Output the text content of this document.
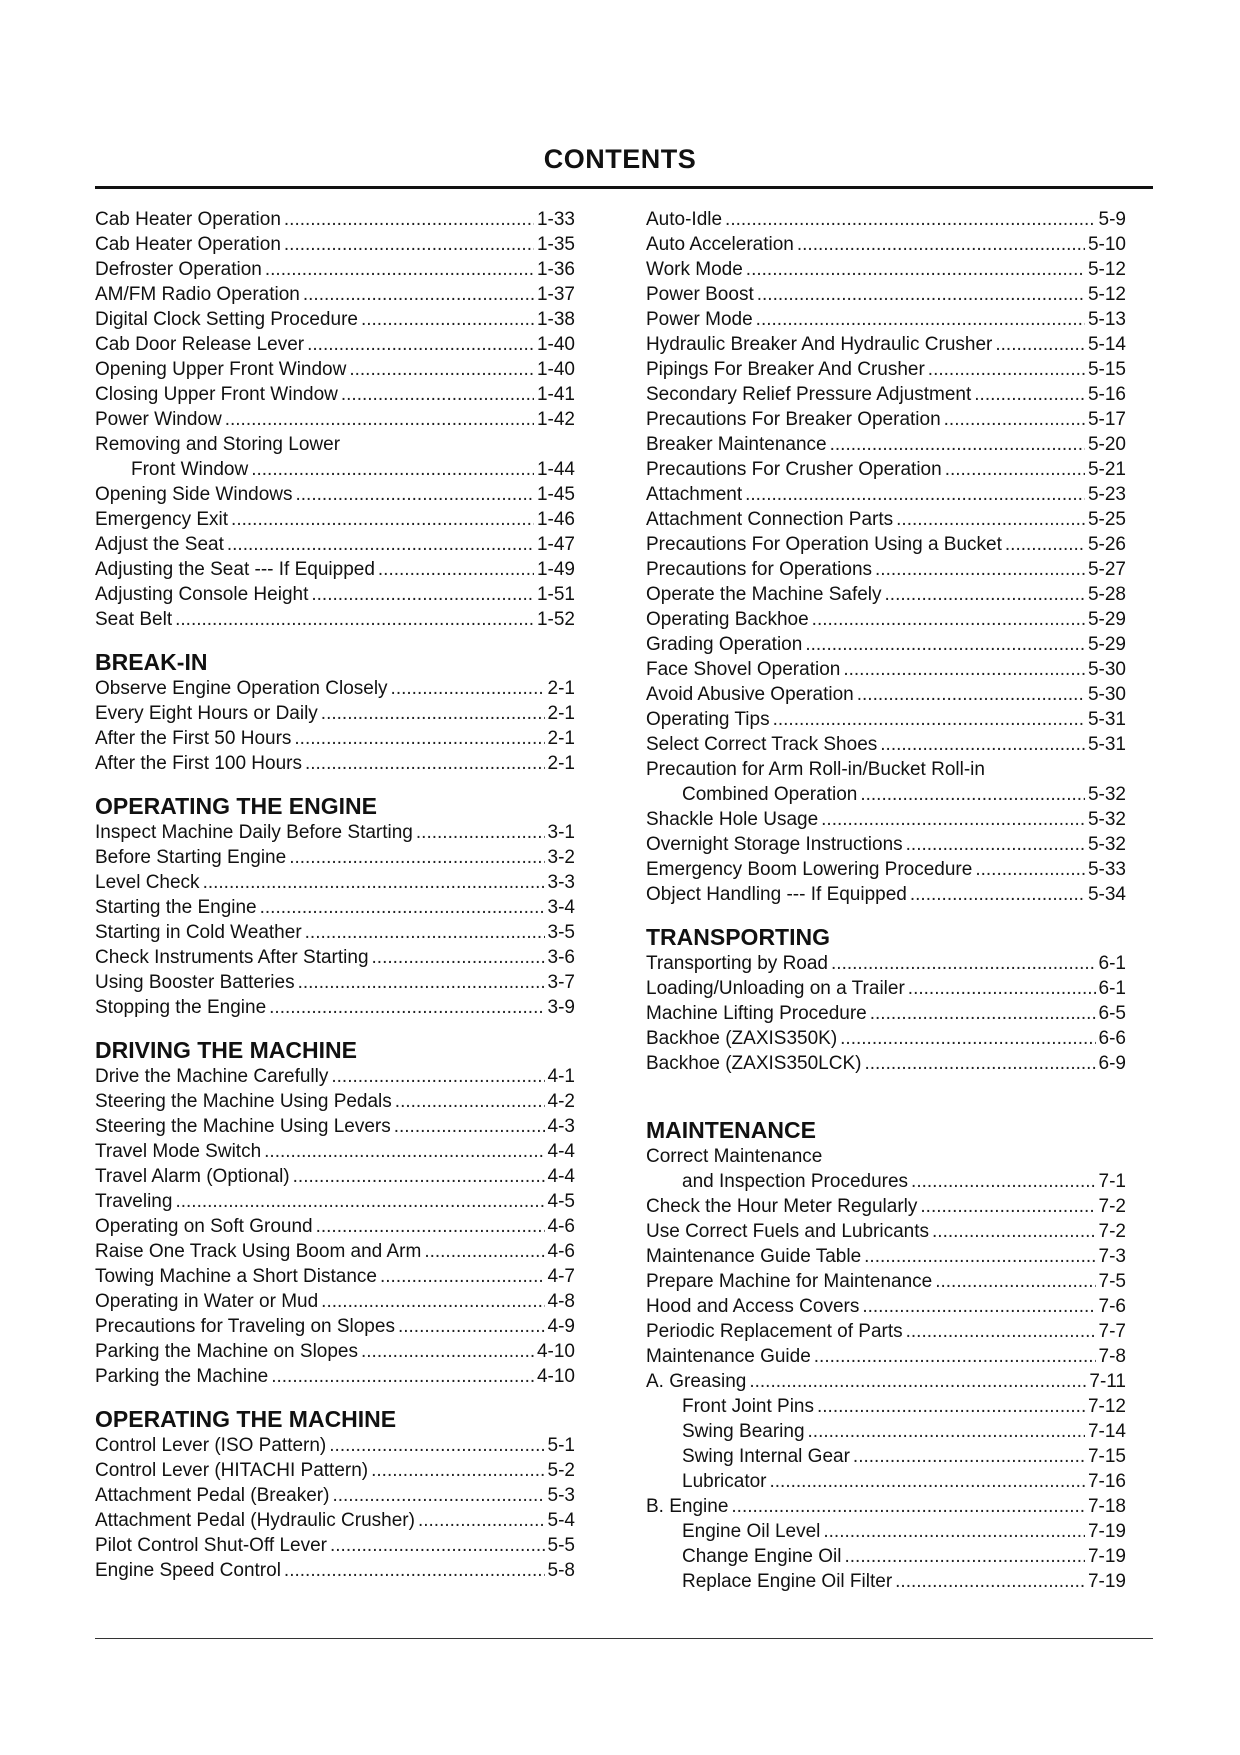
CONTENTS
Cab Heater Operation .....	1-33
Cab Heater Operation .....	1-35
Defroster Operation .....	1-36
AM/FM Radio Operation .....	1-37
Digital Clock Setting Procedure .....	1-38
Cab Door Release Lever .....	1-40
Opening Upper Front Window .....	1-40
Closing Upper Front Window .....	1-41
Power Window .....	1-42
Removing and Storing Lower
Front Window .....	1-44
Opening Side Windows .....	1-45
Emergency Exit .....	1-46
Adjust the Seat .....	1-47
Adjusting the Seat --- If Equipped .....	1-49
Adjusting Console Height .....	1-51
Seat Belt .....	1-52
BREAK-IN
Observe Engine Operation Closely .....	2-1
Every Eight Hours or Daily .....	2-1
After the First 50 Hours .....	2-1
After the First 100 Hours .....	2-1
OPERATING THE ENGINE
Inspect Machine Daily Before Starting .....	3-1
Before Starting Engine .....	3-2
Level Check .....	3-3
Starting the Engine .....	3-4
Starting in Cold Weather .....	3-5
Check Instruments After Starting .....	3-6
Using Booster Batteries .....	3-7
Stopping the Engine .....	3-9
DRIVING THE MACHINE
Drive the Machine Carefully .....	4-1
Steering the Machine Using Pedals .....	4-2
Steering the Machine Using Levers .....	4-3
Travel Mode Switch .....	4-4
Travel Alarm (Optional) .....	4-4
Traveling .....	4-5
Operating on Soft Ground .....	4-6
Raise One Track Using Boom and Arm .....	4-6
Towing Machine a Short Distance .....	4-7
Operating in Water or Mud .....	4-8
Precautions for Traveling on Slopes .....	4-9
Parking the Machine on Slopes .....	4-10
Parking the Machine .....	4-10
OPERATING THE MACHINE
Control Lever (ISO Pattern) .....	5-1
Control Lever (HITACHI Pattern) .....	5-2
Attachment Pedal (Breaker) .....	5-3
Attachment Pedal (Hydraulic Crusher) .....	5-4
Pilot Control Shut-Off Lever .....	5-5
Engine Speed Control .....	5-8
Auto-Idle .....	5-9
Auto Acceleration .....	5-10
Work Mode .....	5-12
Power Boost .....	5-12
Power Mode .....	5-13
Hydraulic Breaker And Hydraulic Crusher .....	5-14
Pipings For Breaker And Crusher .....	5-15
Secondary Relief Pressure Adjustment .....	5-16
Precautions For Breaker Operation .....	5-17
Breaker Maintenance .....	5-20
Precautions For Crusher Operation .....	5-21
Attachment .....	5-23
Attachment Connection Parts .....	5-25
Precautions For Operation Using a Bucket .....	5-26
Precautions for Operations .....	5-27
Operate the Machine Safely .....	5-28
Operating Backhoe .....	5-29
Grading Operation .....	5-29
Face Shovel Operation .....	5-30
Avoid Abusive Operation .....	5-30
Operating Tips .....	5-31
Select Correct Track Shoes .....	5-31
Precaution for Arm Roll-in/Bucket Roll-in
Combined Operation .....	5-32
Shackle Hole Usage .....	5-32
Overnight Storage Instructions .....	5-32
Emergency Boom Lowering Procedure .....	5-33
Object Handling --- If Equipped .....	5-34
TRANSPORTING
Transporting by Road .....	6-1
Loading/Unloading on a Trailer .....	6-1
Machine Lifting Procedure .....	6-5
Backhoe (ZAXIS350K) .....	6-6
Backhoe (ZAXIS350LCK) .....	6-9
MAINTENANCE
Correct Maintenance
and Inspection Procedures .....	7-1
Check the Hour Meter Regularly .....	7-2
Use Correct Fuels and Lubricants .....	7-2
Maintenance Guide Table .....	7-3
Prepare Machine for Maintenance .....	7-5
Hood and Access Covers .....	7-6
Periodic Replacement of Parts .....	7-7
Maintenance Guide .....	7-8
A. Greasing .....	7-11
Front Joint Pins .....	7-12
Swing Bearing .....	7-14
Swing Internal Gear .....	7-15
Lubricator .....	7-16
B. Engine .....	7-18
Engine Oil Level .....	7-19
Change Engine Oil .....	7-19
Replace Engine Oil Filter .....	7-19
